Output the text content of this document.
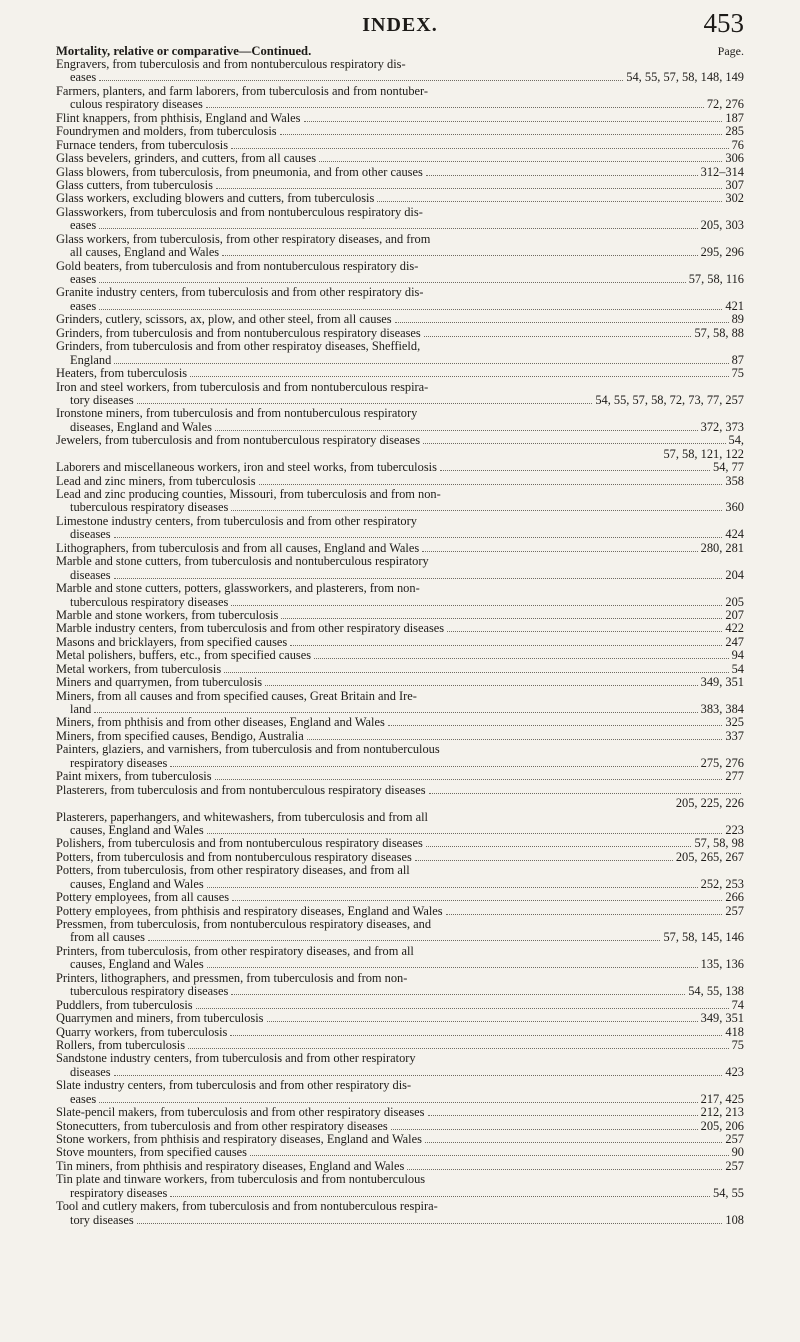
INDEX.	453
Mortality, relative or comparative—Continued.	Page.
Engravers, from tuberculosis and from nontuberculous respiratory dis-
eases	54, 55, 57, 58, 148, 149
Farmers, planters, and farm laborers, from tuberculosis and from nontuber-
culous respiratory diseases	72, 276
Flint knappers, from phthisis, England and Wales	187
Foundrymen and molders, from tuberculosis	285
Furnace tenders, from tuberculosis	76
Glass bevelers, grinders, and cutters, from all causes	306
Glass blowers, from tuberculosis, from pneumonia, and from other causes	312–314
Glass cutters, from tuberculosis	307
Glass workers, excluding blowers and cutters, from tuberculosis	302
Glassworkers, from tuberculosis and from nontuberculous respiratory dis-
eases	205, 303
Glass workers, from tuberculosis, from other respiratory diseases, and from
all causes, England and Wales	295, 296
Gold beaters, from tuberculosis and from nontuberculous respiratory dis-
eases	57, 58, 116
Granite industry centers, from tuberculosis and from other respiratory dis-
eases	421
Grinders, cutlery, scissors, ax, plow, and other steel, from all causes	89
Grinders, from tuberculosis and from nontuberculous respiratory diseases	57, 58, 88
Grinders, from tuberculosis and from other respiratoy diseases, Sheffield,
England	87
Heaters, from tuberculosis	75
Iron and steel workers, from tuberculosis and from nontuberculous respira-
tory diseases	54, 55, 57, 58, 72, 73, 77, 257
Ironstone miners, from tuberculosis and from nontuberculous respiratory
diseases, England and Wales	372, 373
Jewelers, from tuberculosis and from nontuberculous respiratory diseases	54,
57, 58, 121, 122
Laborers and miscellaneous workers, iron and steel works, from tuberculosis	54, 77
Lead and zinc miners, from tuberculosis	358
Lead and zinc producing counties, Missouri, from tuberculosis and from non-
tuberculous respiratory diseases	360
Limestone industry centers, from tuberculosis and from other respiratory
diseases	424
Lithographers, from tuberculosis and from all causes, England and Wales	280, 281
Marble and stone cutters, from tuberculosis and nontuberculous respiratory
diseases	204
Marble and stone cutters, potters, glassworkers, and plasterers, from non-
tuberculous respiratory diseases	205
Marble and stone workers, from tuberculosis	207
Marble industry centers, from tuberculosis and from other respiratory diseases	422
Masons and bricklayers, from specified causes	247
Metal polishers, buffers, etc., from specified causes	94
Metal workers, from tuberculosis	54
Miners and quarrymen, from tuberculosis	349, 351
Miners, from all causes and from specified causes, Great Britain and Ire-
land	383, 384
Miners, from phthisis and from other diseases, England and Wales	325
Miners, from specified causes, Bendigo, Australia	337
Painters, glaziers, and varnishers, from tuberculosis and from nontuberculous
respiratory diseases	275, 276
Paint mixers, from tuberculosis	277
Plasterers, from tuberculosis and from nontuberculous respiratory diseases
205, 225, 226
Plasterers, paperhangers, and whitewashers, from tuberculosis and from all
causes, England and Wales	223
Polishers, from tuberculosis and from nontuberculous respiratory diseases	57, 58, 98
Potters, from tuberculosis and from nontuberculous respiratory diseases	205, 265, 267
Potters, from tuberculosis, from other respiratory diseases, and from all
causes, England and Wales	252, 253
Pottery employees, from all causes	266
Pottery employees, from phthisis and respiratory diseases, England and Wales	257
Pressmen, from tuberculosis, from nontuberculous respiratory diseases, and
from all causes	57, 58, 145, 146
Printers, from tuberculosis, from other respiratory diseases, and from all
causes, England and Wales	135, 136
Printers, lithographers, and pressmen, from tuberculosis and from non-
tuberculous respiratory diseases	54, 55, 138
Puddlers, from tuberculosis	74
Quarrymen and miners, from tuberculosis	349, 351
Quarry workers, from tuberculosis	418
Rollers, from tuberculosis	75
Sandstone industry centers, from tuberculosis and from other respiratory
diseases	423
Slate industry centers, from tuberculosis and from other respiratory dis-
eases	217, 425
Slate-pencil makers, from tuberculosis and from other respiratory diseases	212, 213
Stonecutters, from tuberculosis and from other respiratory diseases	205, 206
Stone workers, from phthisis and respiratory diseases, England and Wales	257
Stove mounters, from specified causes	90
Tin miners, from phthisis and respiratory diseases, England and Wales	257
Tin plate and tinware workers, from tuberculosis and from nontuberculous
respiratory diseases	54, 55
Tool and cutlery makers, from tuberculosis and from nontuberculous respira-
tory diseases	108
